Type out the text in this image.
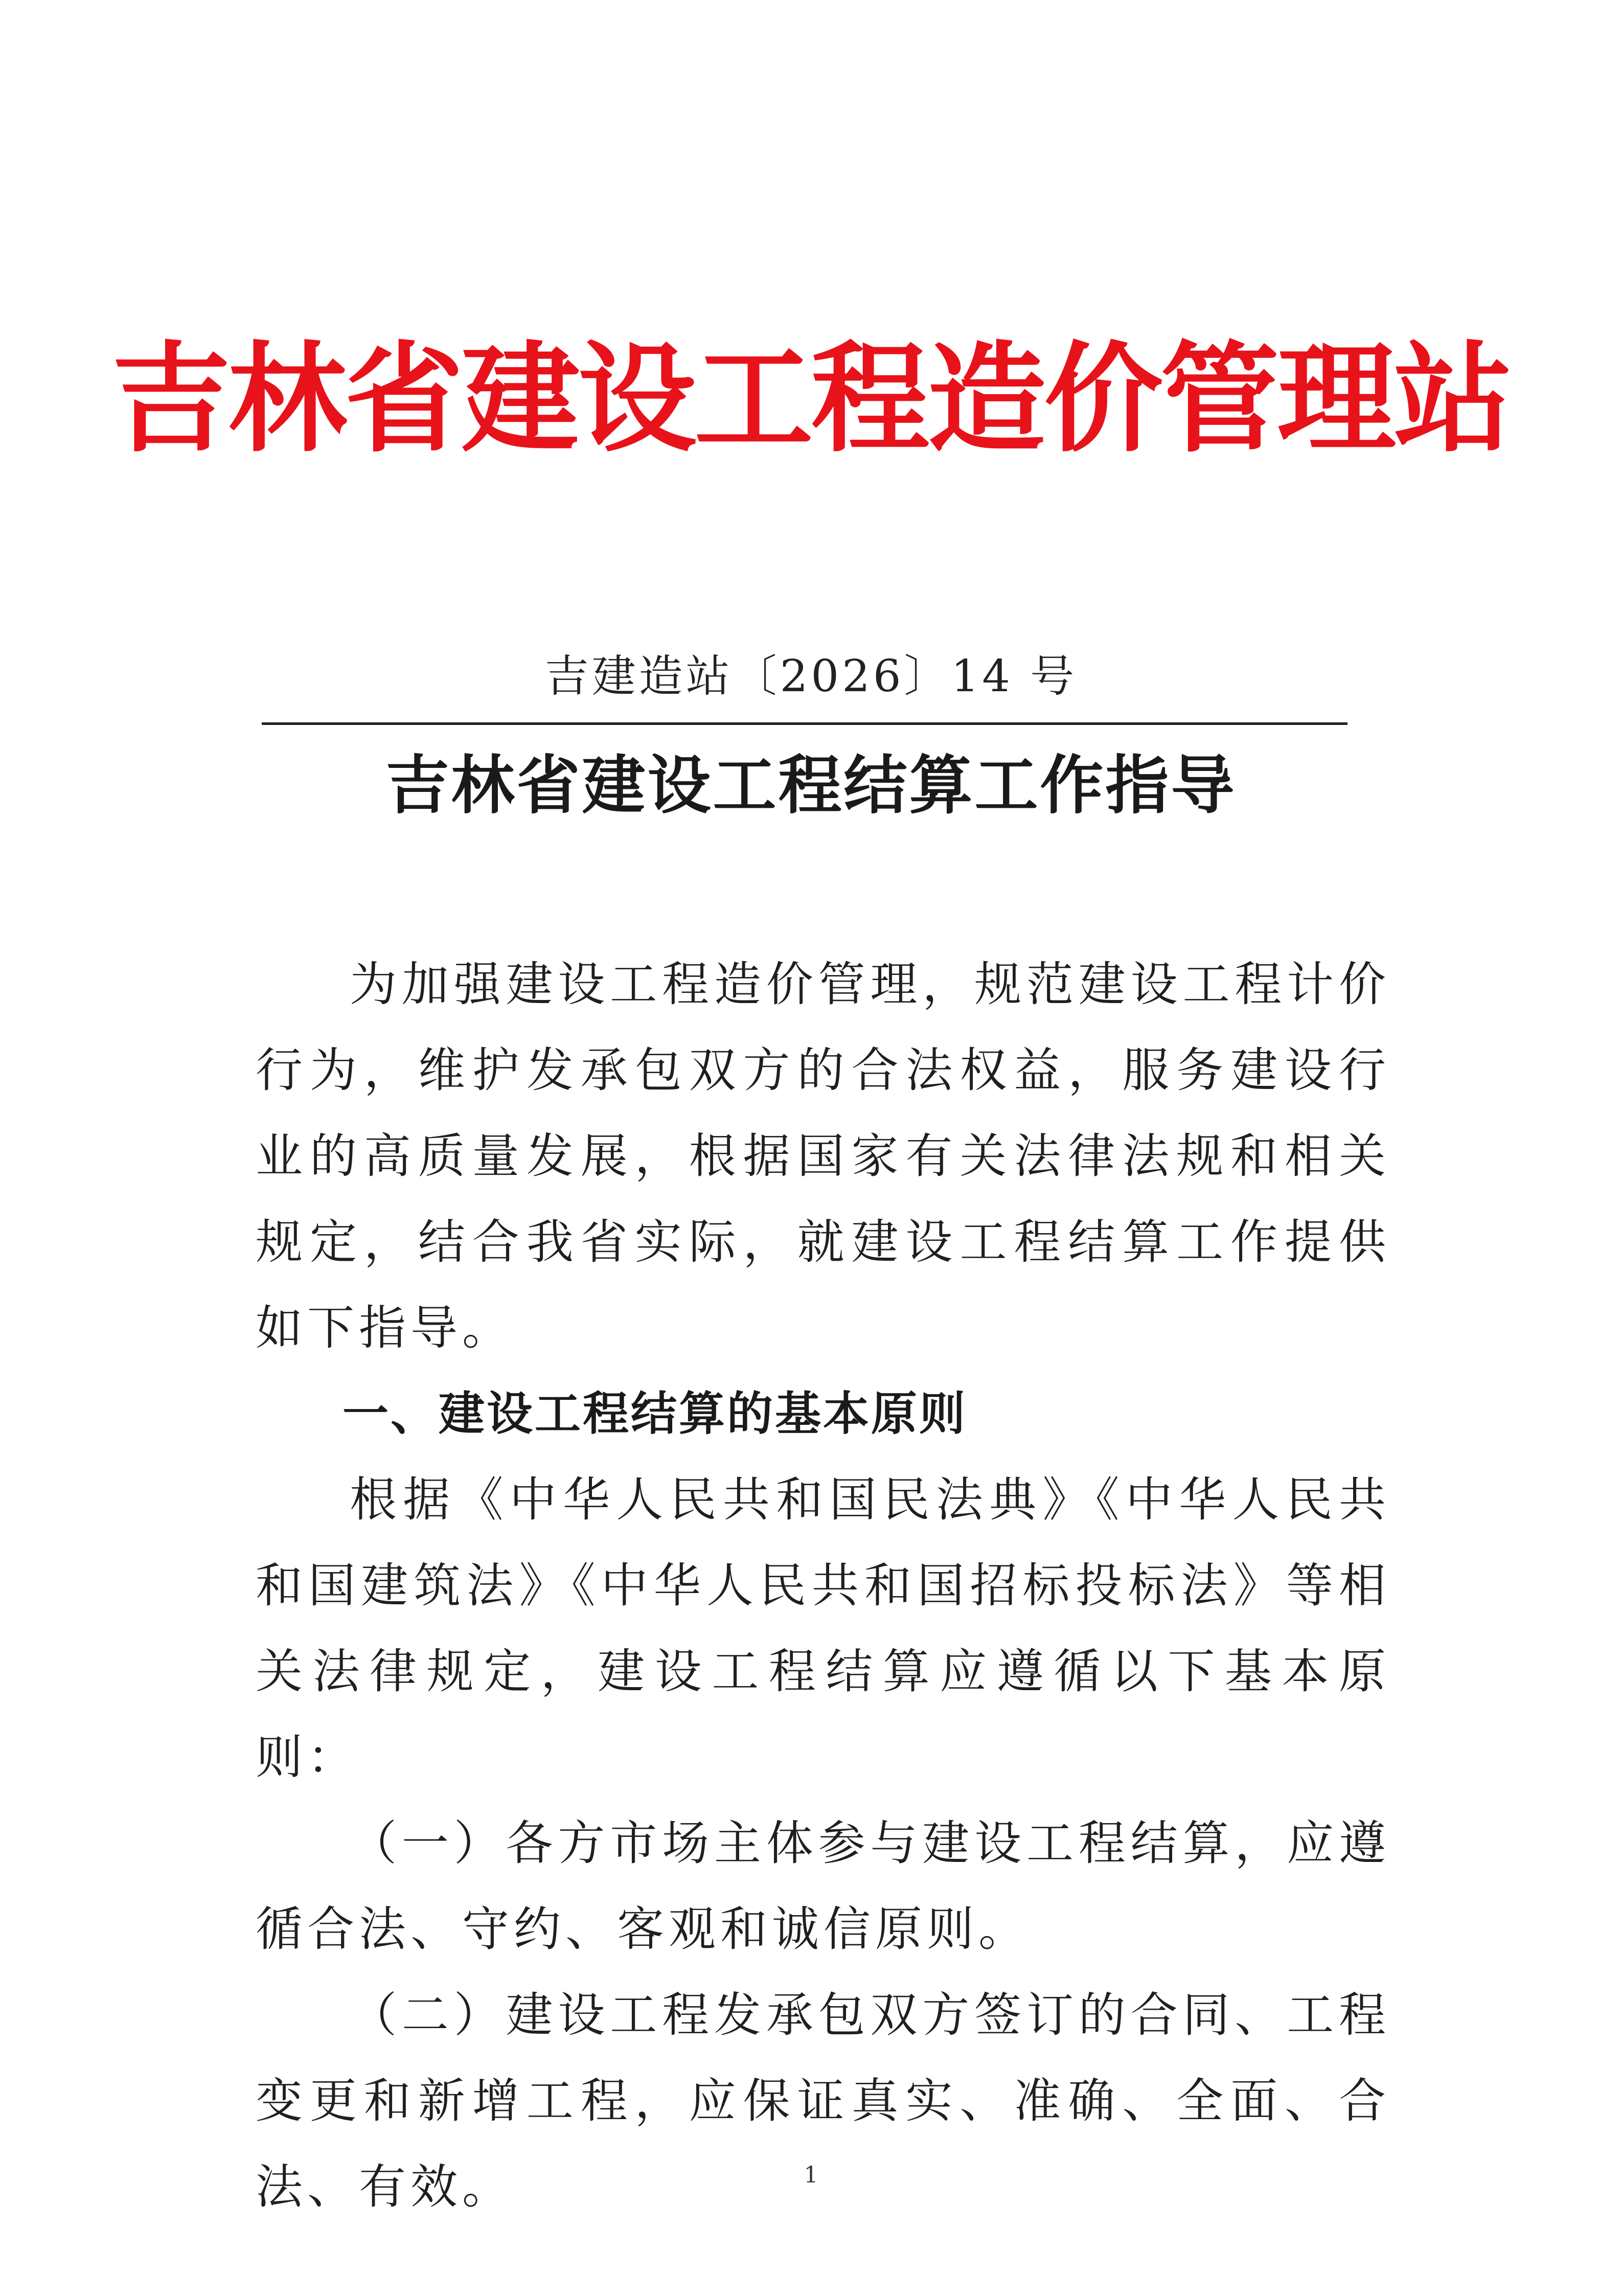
吉林省建设工程造价管理站
吉建造站〔2026〕14 号
吉林省建设工程结算工作指导

为加强建设工程造价管理，规范建设工程计价行为，维护发承包双方的合法权益，服务建设行业的高质量发展，根据国家有关法律法规和相关规定，结合我省实际，就建设工程结算工作提供如下指导。

一、建设工程结算的基本原则

根据《中华人民共和国民法典》《中华人民共和国建筑法》《中华人民共和国招标投标法》等相关法律规定，建设工程结算应遵循以下基本原则：

（一）各方市场主体参与建设工程结算，应遵循合法、守约、客观和诚信原则。

（二）建设工程发承包双方签订的合同、工程变更和新增工程，应保证真实、准确、全面、合法、有效。	1
